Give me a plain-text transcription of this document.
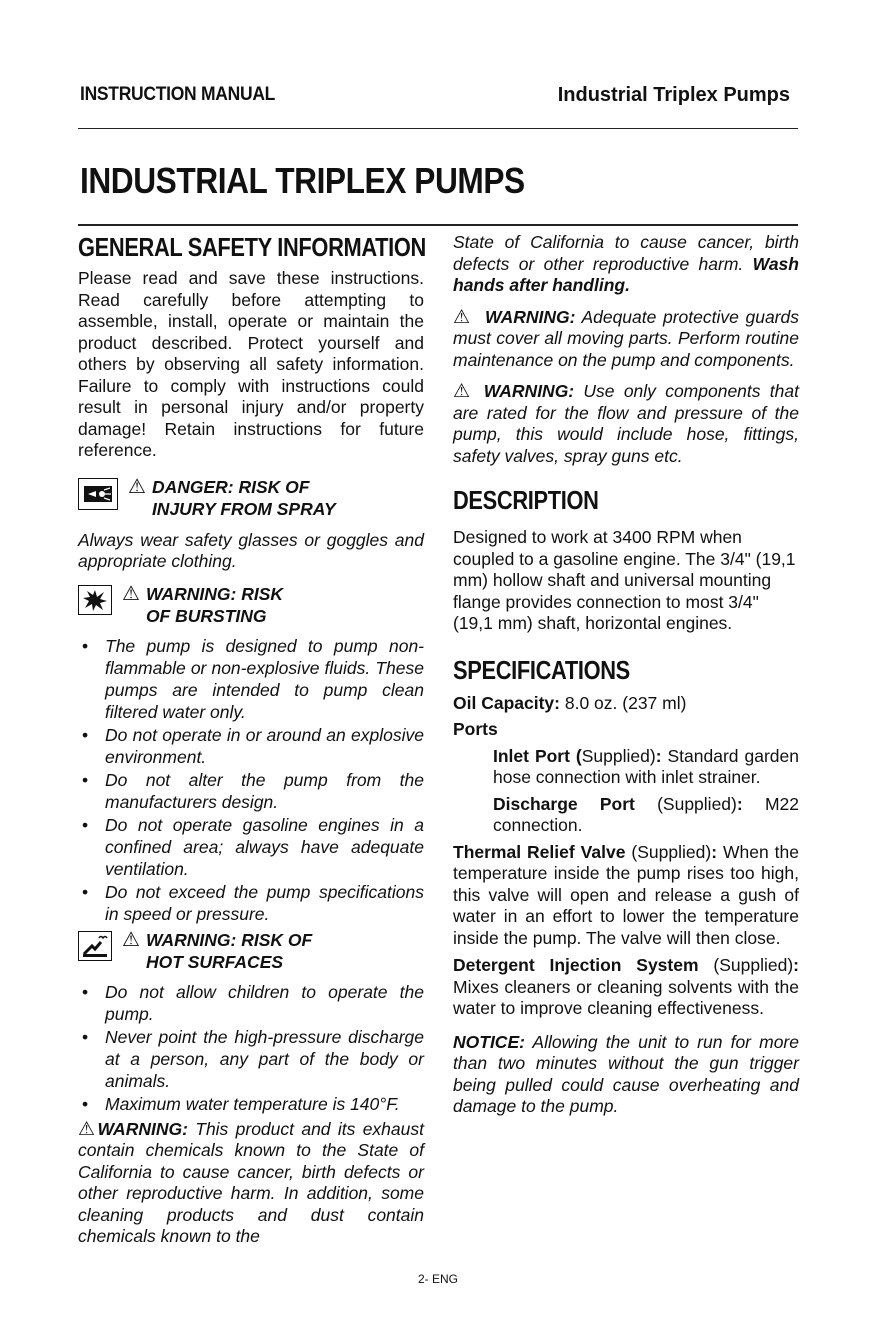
INSTRUCTION MANUAL	Industrial Triplex Pumps
INDUSTRIAL TRIPLEX PUMPS
GENERAL SAFETY INFORMATION

Please read and save these instructions. Read carefully before attempting to assemble, install, operate or maintain the product described. Protect yourself and others by observing all safety information. Failure to comply with instructions could result in personal injury and/or property damage! Retain instructions for future reference.

⚠ DANGER: RISK OF
INJURY FROM SPRAY

Always wear safety glasses or goggles and appropriate clothing.

⚠ WARNING: RISK
OF BURSTING
• The pump is designed to pump non-flammable or non-explosive fluids. These pumps are intended to pump clean filtered water only.
• Do not operate in or around an explosive environment.
• Do not alter the pump from the manufacturers design.
• Do not operate gasoline engines in a confined area; always have adequate ventilation.
• Do not exceed the pump specifications in speed or pressure.
⚠ WARNING: RISK OF
HOT SURFACES
• Do not allow children to operate the pump.
• Never point the high-pressure discharge at a person, any part of the body or animals.
• Maximum water temperature is 140°F.

⚠WARNING: This product and its exhaust contain chemicals known to the State of California to cause cancer, birth defects or other reproductive harm. In addition, some cleaning products and dust contain chemicals known to the

State of California to cause cancer, birth defects or other reproductive harm. Wash hands after handling.

⚠ WARNING: Adequate protective guards must cover all moving parts. Perform routine maintenance on the pump and components.

⚠ WARNING: Use only components that are rated for the flow and pressure of the pump, this would include hose, fittings, safety valves, spray guns etc.

DESCRIPTION

Designed to work at 3400 RPM when coupled to a gasoline engine. The 3/4" (19,1 mm) hollow shaft and universal mounting flange provides connection to most 3/4" (19,1 mm) shaft, horizontal engines.

SPECIFICATIONS

Oil Capacity: 8.0 oz. (237 ml)

Ports

Inlet Port (Supplied): Standard garden hose connection with inlet strainer.

Discharge Port (Supplied): M22 connection.

Thermal Relief Valve (Supplied): When the temperature inside the pump rises too high, this valve will open and release a gush of water in an effort to lower the temperature inside the pump. The valve will then close.

Detergent Injection System (Supplied): Mixes cleaners or cleaning solvents with the water to improve cleaning effectiveness.

NOTICE: Allowing the unit to run for more than two minutes without the gun trigger being pulled could cause overheating and damage to the pump.

2- ENG
